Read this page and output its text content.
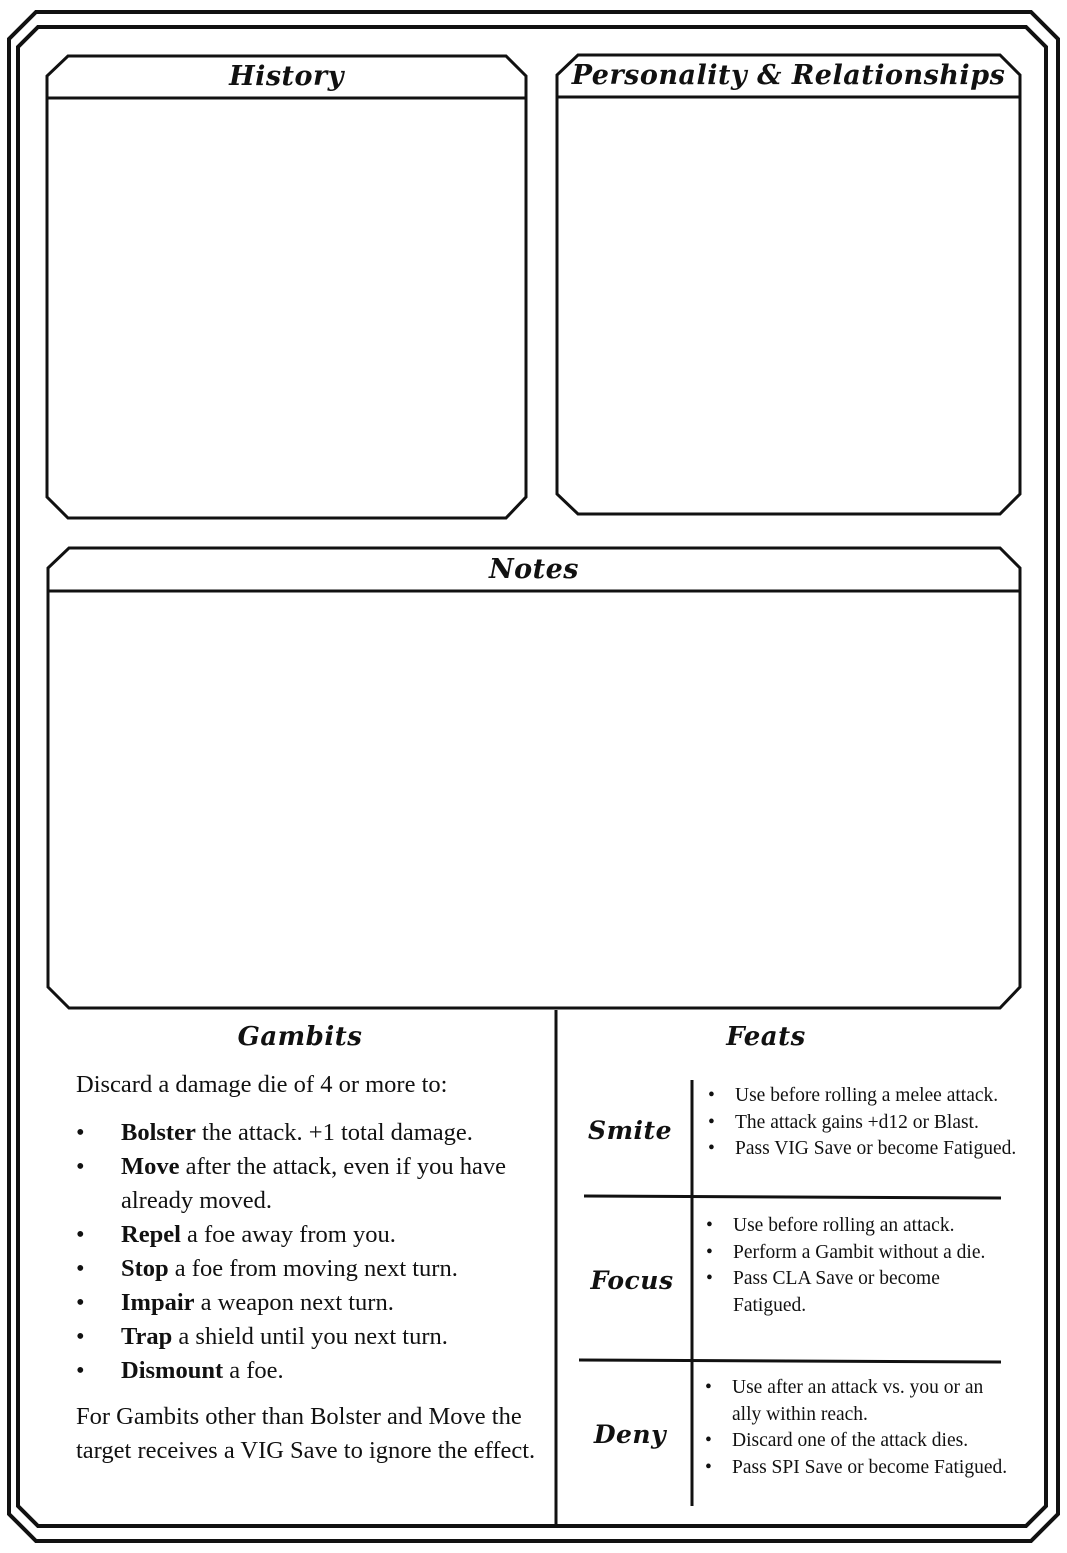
History	Personality & Relationships
Notes
Gambits

Discard a damage die of 4 or more to:

• Bolster the attack. +1 total damage.
• Move after the attack, even if you have already moved.
• Repel a foe away from you.
• Stop a foe from moving next turn.
• Impair a weapon next turn.
• Trap a shield until you next turn.
• Dismount a foe.

For Gambits other than Bolster and Move the target receives a VIG Save to ignore the effect.

Feats
Smite
• Use before rolling a melee attack.
• The attack gains +d12 or Blast.
• Pass VIG Save or become Fatigued.
Focus
• Use before rolling an attack.
• Perform a Gambit without a die.
• Pass CLA Save or become Fatigued.
Deny
• Use after an attack vs. you or an ally within reach.
• Discard one of the attack dies.
• Pass SPI Save or become Fatigued.
